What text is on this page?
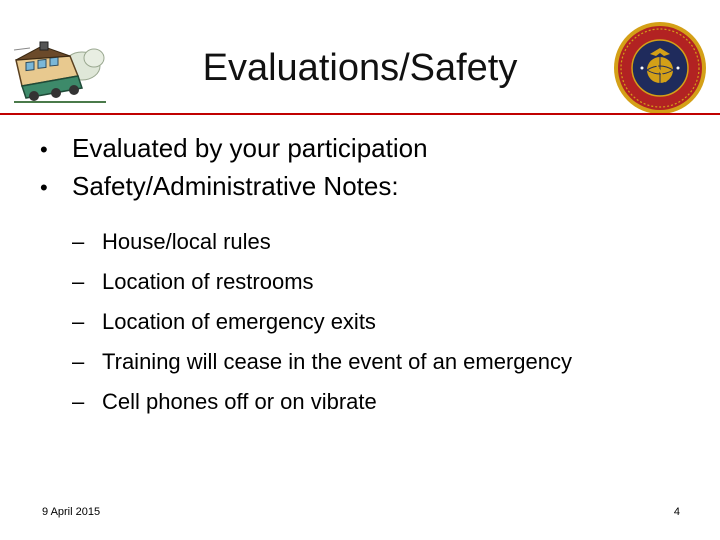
Evaluations/Safety
• Evaluated by your participation
• Safety/Administrative Notes:
– House/local rules
– Location of restrooms
– Location of emergency exits
– Training will cease in the event of an emergency
– Cell phones off or on vibrate
9 April 2015	4
